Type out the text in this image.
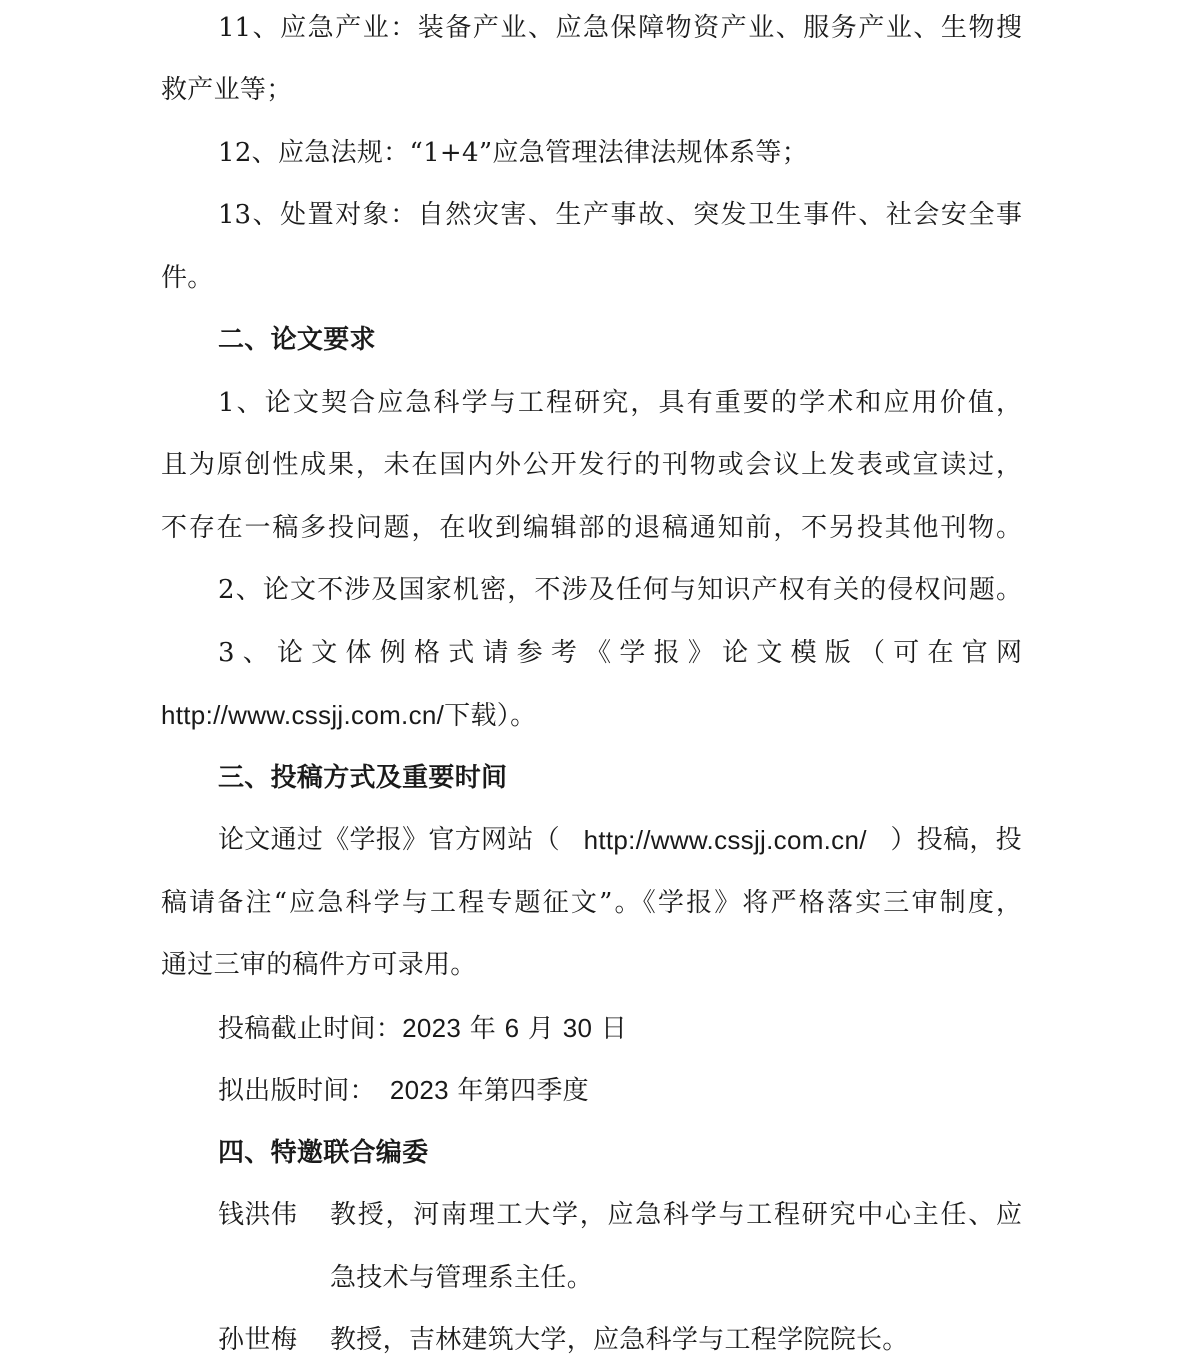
11、应急产业：装备产业、应急保障物资产业、服务产业、生物搜
救产业等；
12、应急法规：“1+4”应急管理法律法规体系等；
13、处置对象：自然灾害、生产事故、突发卫生事件、社会安全事
件。
二、论文要求
1、论文契合应急科学与工程研究，具有重要的学术和应用价值，
且为原创性成果，未在国内外公开发行的刊物或会议上发表或宣读过，
不存在一稿多投问题，在收到编辑部的退稿通知前，不另投其他刊物。
2、论文不涉及国家机密，不涉及任何与知识产权有关的侵权问题。
3、论文体例格式请参考《学报》论文模版（可在官网
http://www.cssjj.com.cn/下载）。
三、投稿方式及重要时间
论文通过《学报》官方网站（ http://www.cssjj.com.cn/ ）投稿，投
稿请备注“应急科学与工程专题征文”。《学报》将严格落实三审制度，
通过三审的稿件方可录用。
投稿截止时间：2023 年 6 月 30 日
拟出版时间： 2023 年第四季度
四、特邀联合编委
钱洪伟 教授，河南理工大学，应急科学与工程研究中心主任、应
急技术与管理系主任。
孙世梅 教授，吉林建筑大学，应急科学与工程学院院长。
